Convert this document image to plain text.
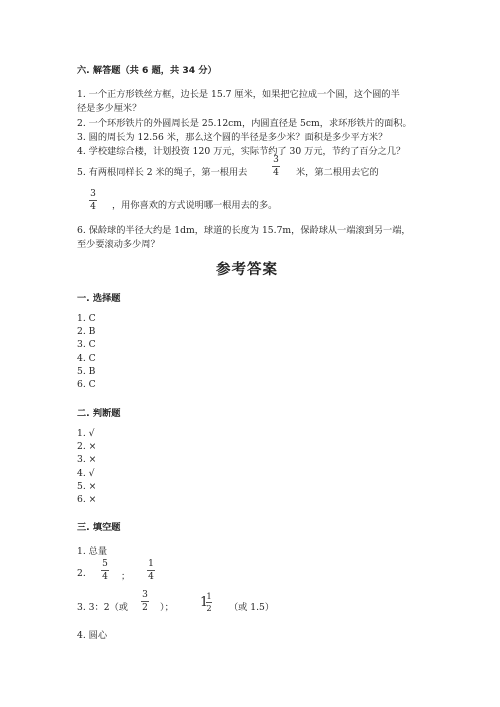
六. 解答题（共 6 题，共 34 分）
1. 一个正方形铁丝方框，边长是 15.7 厘米，如果把它拉成一个圆，这个圆的半
径是多少厘米？
2. 一个环形铁片的外圆周长是 25.12cm，内圆直径是 5cm，求环形铁片的面积。
3. 圆的周长为 12.56 米，那么这个圆的半径是多少米？面积是多少平方米？
4. 学校建综合楼，计划投资 120 万元，实际节约了 30 万元，节约了百分之几？
5. 有两根同样长 2 米的绳子，第一根用去
3
4 米，第二根用去它的
3
4 ，用你喜欢的方式说明哪一根用去的多。
6. 保龄球的半径大约是 1dm，球道的长度为 15.7m，保龄球从一端滚到另一端，
至少要滚动多少周？
参考答案
一. 选择题
1. C
2. B
3. C
4. C
5. B
6. C
二. 判断题
1. √
2. ×
3. ×
4. √
5. ×
6. ×
三. 填空题
1. 总量
2.
5
4 ；
1
4
3. 3：2（或
3
2 ）； 1
1
2 （或 1.5）
4. 圆心
